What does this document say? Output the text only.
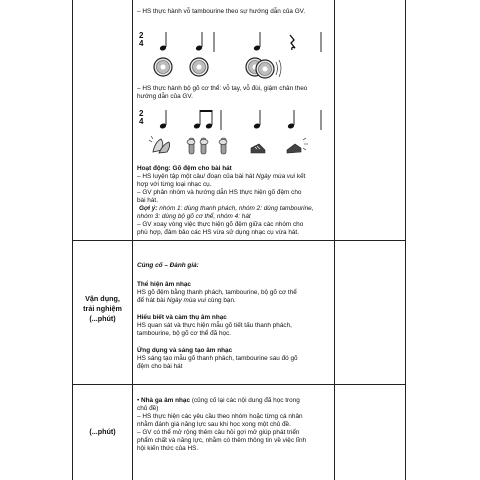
– HS thực hành vỗ tambourine theo sự hướng dẫn của GV.
2
4
– HS thực hành bộ gõ cơ thể: vỗ tay, vỗ đùi, giậm chân theo
hướng dẫn của GV.
2
4
Hoạt động: Gõ đệm cho bài hát
– HS luyện tập một câu/ đoạn của bài hát Ngày mùa vui kết
hợp với từng loại nhạc cụ.
– GV phân nhóm và hướng dẫn HS thực hiện gõ đệm cho
bài hát.
Gợi ý: nhóm 1: dùng thanh phách, nhóm 2: dùng tambourine,
nhóm 3: dùng bộ gõ cơ thể, nhóm 4: hát
– GV xoay vòng việc thực hiện gõ đệm giữa các nhóm cho
phù hợp, đảm bảo các HS vừa sử dụng nhạc cụ vừa hát.
Vận dụng,
trải nghiệm
(...phút)
Củng cố – Đánh giá:
Thể hiện âm nhạc
HS gõ đệm bằng thanh phách, tambourine, bộ gõ cơ thể
để hát bài Ngày mùa vui cùng bạn.
Hiểu biết và cảm thụ âm nhạc
HS quan sát và thực hiện mẫu gõ tiết tấu thanh phách,
tambourine, bộ gõ cơ thể đã học.
Ứng dụng và sáng tạo âm nhạc
HS sáng tạo mẫu gõ thanh phách, tambourine sau đó gõ
đệm cho bài hát
(...phút)
• Nhà ga âm nhạc (củng cố lại các nội dung đã học trong
chủ đề)
– HS thực hiện các yêu cầu theo nhóm hoặc từng cá nhân
nhằm đánh giá năng lực sau khi học xong một chủ đề.
– GV có thể mở rộng thêm câu hỏi gợi mở giúp phát triển
phẩm chất và năng lực, nhằm có thêm thông tin về việc lĩnh
hội kiến thức của HS.
